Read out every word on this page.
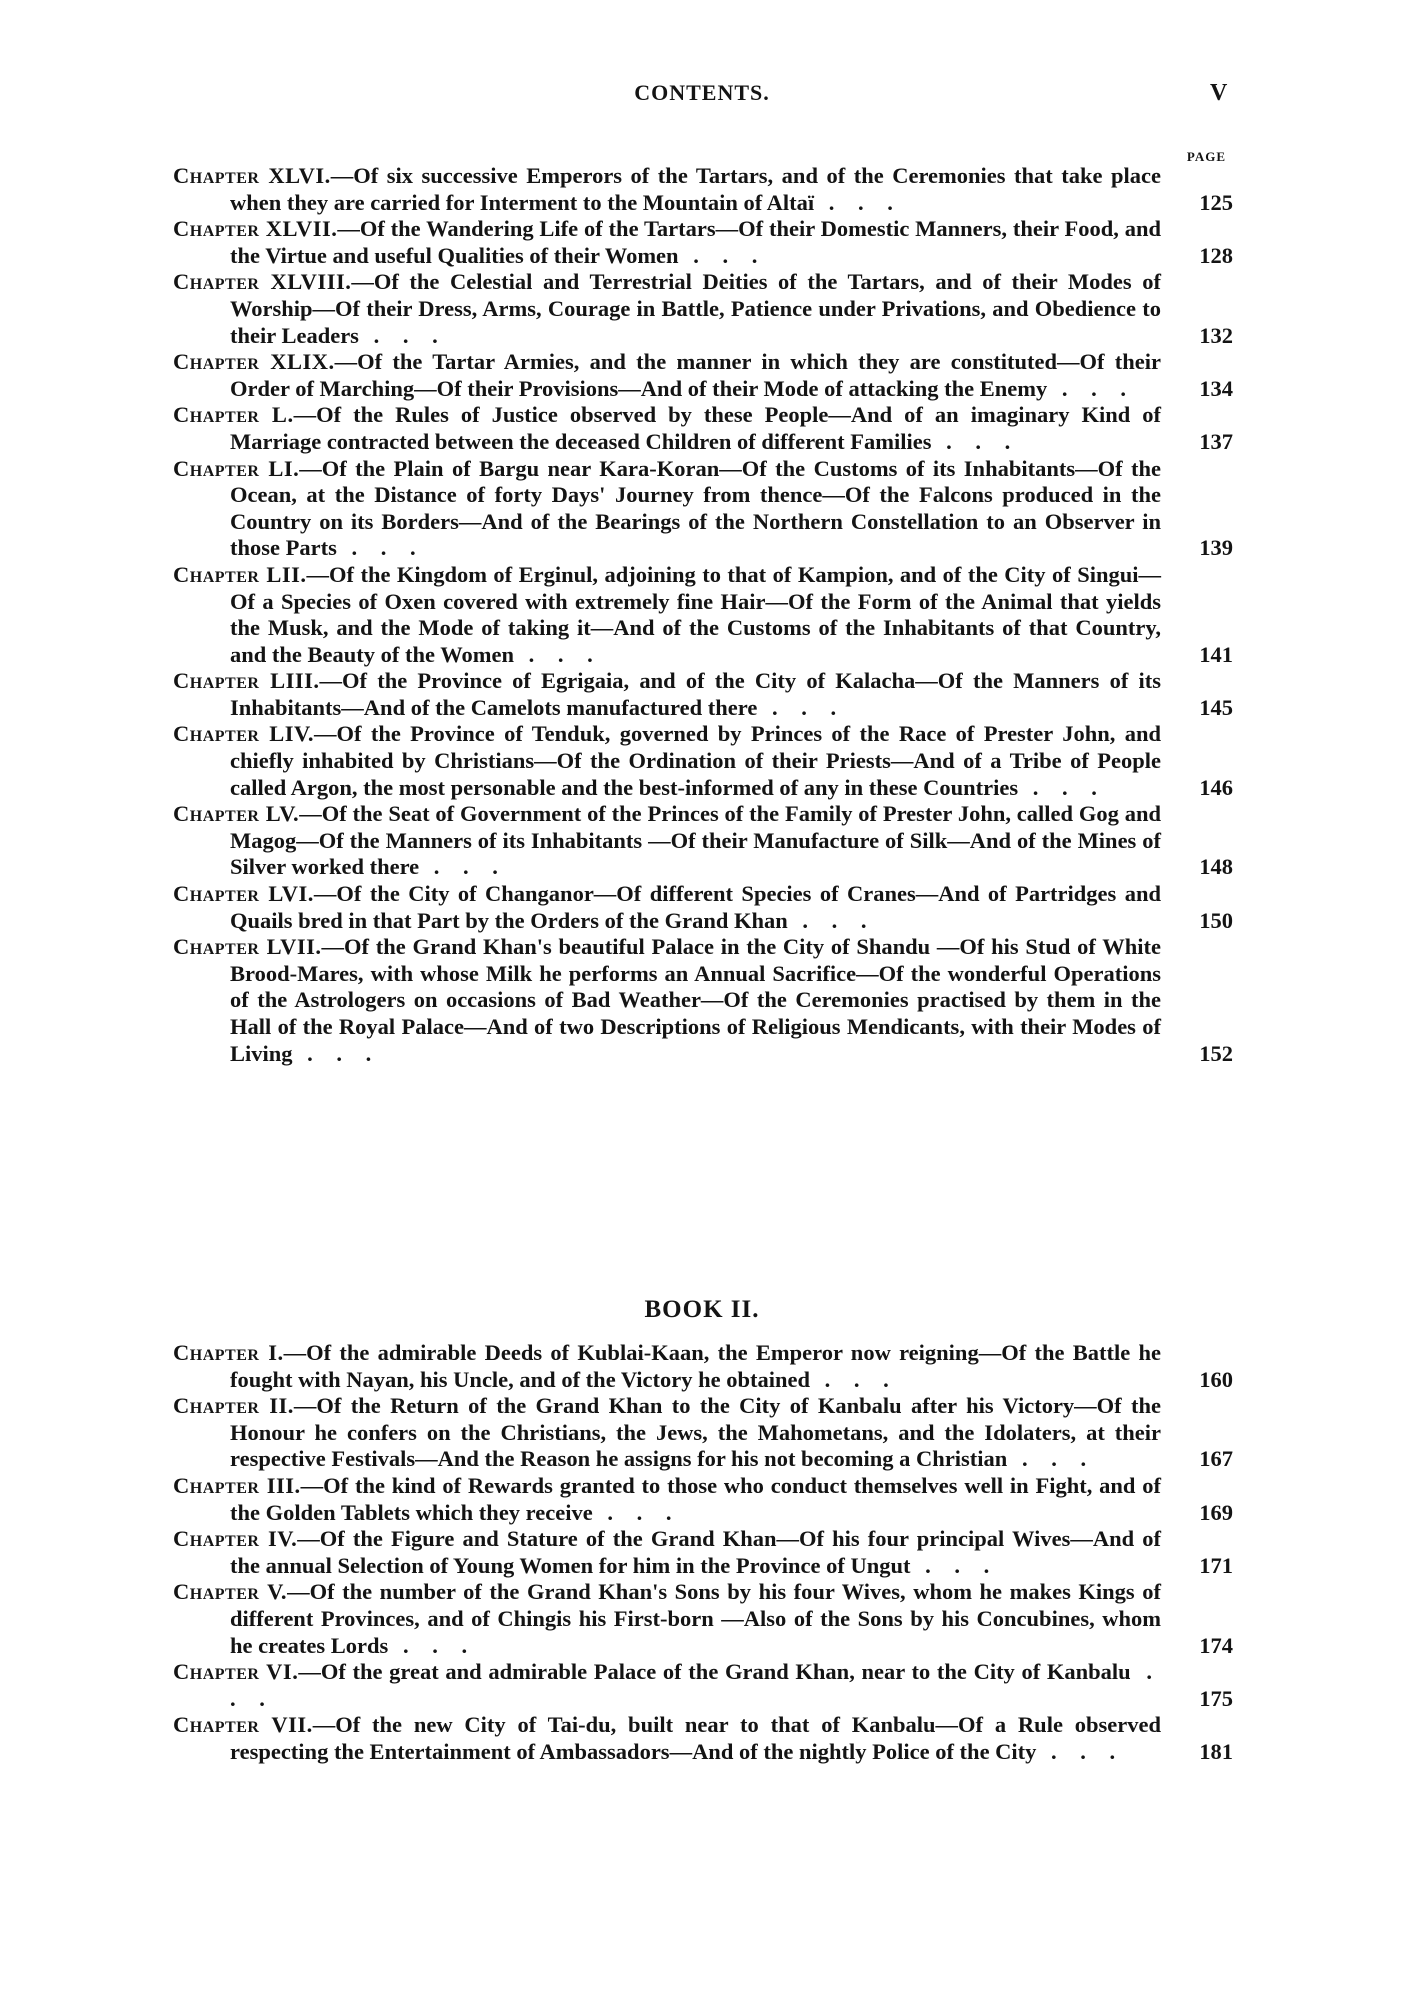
CONTENTS.	V
PAGE
Chapter XLVI.—Of six successive Emperors of the Tartars, and of the Ceremonies that take place when they are carried for Interment to the Mountain of Altaï . . .	125
Chapter XLVII.—Of the Wandering Life of the Tartars—Of their Domestic Manners, their Food, and the Virtue and useful Qualities of their Women . . .	128
Chapter XLVIII.—Of the Celestial and Terrestrial Deities of the Tartars, and of their Modes of Worship—Of their Dress, Arms, Courage in Battle, Patience under Privations, and Obedience to their Leaders . . .	132
Chapter XLIX.—Of the Tartar Armies, and the manner in which they are constituted—Of their Order of Marching—Of their Provisions—And of their Mode of attacking the Enemy . . .	134
Chapter L.—Of the Rules of Justice observed by these People—And of an imaginary Kind of Marriage contracted between the deceased Children of different Families . . .	137
Chapter LI.—Of the Plain of Bargu near Kara-Koran—Of the Customs of its Inhabitants—Of the Ocean, at the Distance of forty Days' Journey from thence—Of the Falcons produced in the Country on its Borders—And of the Bearings of the Northern Constellation to an Observer in those Parts . . .	139
Chapter LII.—Of the Kingdom of Erginul, adjoining to that of Kampion, and of the City of Singui—Of a Species of Oxen covered with extremely fine Hair—Of the Form of the Animal that yields the Musk, and the Mode of taking it—And of the Customs of the Inhabitants of that Country, and the Beauty of the Women . . .	141
Chapter LIII.—Of the Province of Egrigaia, and of the City of Kalacha—Of the Manners of its Inhabitants—And of the Camelots manufactured there . . .	145
Chapter LIV.—Of the Province of Tenduk, governed by Princes of the Race of Prester John, and chiefly inhabited by Christians—Of the Ordination of their Priests—And of a Tribe of People called Argon, the most personable and the best-informed of any in these Countries . . .	146
Chapter LV.—Of the Seat of Government of the Princes of the Family of Prester John, called Gog and Magog—Of the Manners of its Inhabitants —Of their Manufacture of Silk—And of the Mines of Silver worked there . . .	148
Chapter LVI.—Of the City of Changanor—Of different Species of Cranes—And of Partridges and Quails bred in that Part by the Orders of the Grand Khan . . .	150
Chapter LVII.—Of the Grand Khan's beautiful Palace in the City of Shandu —Of his Stud of White Brood-Mares, with whose Milk he performs an Annual Sacrifice—Of the wonderful Operations of the Astrologers on occasions of Bad Weather—Of the Ceremonies practised by them in the Hall of the Royal Palace—And of two Descriptions of Religious Mendicants, with their Modes of Living . . .	152
BOOK II.
Chapter I.—Of the admirable Deeds of Kublai-Kaan, the Emperor now reigning—Of the Battle he fought with Nayan, his Uncle, and of the Victory he obtained . . .	160
Chapter II.—Of the Return of the Grand Khan to the City of Kanbalu after his Victory—Of the Honour he confers on the Christians, the Jews, the Mahometans, and the Idolaters, at their respective Festivals—And the Reason he assigns for his not becoming a Christian . . .	167
Chapter III.—Of the kind of Rewards granted to those who conduct themselves well in Fight, and of the Golden Tablets which they receive . . .	169
Chapter IV.—Of the Figure and Stature of the Grand Khan—Of his four principal Wives—And of the annual Selection of Young Women for him in the Province of Ungut . . .	171
Chapter V.—Of the number of the Grand Khan's Sons by his four Wives, whom he makes Kings of different Provinces, and of Chingis his First-born —Also of the Sons by his Concubines, whom he creates Lords . . .	174
Chapter VI.—Of the great and admirable Palace of the Grand Khan, near to the City of Kanbalu . . .	175
Chapter VII.—Of the new City of Tai-du, built near to that of Kanbalu—Of a Rule observed respecting the Entertainment of Ambassadors—And of the nightly Police of the City . . .	181
